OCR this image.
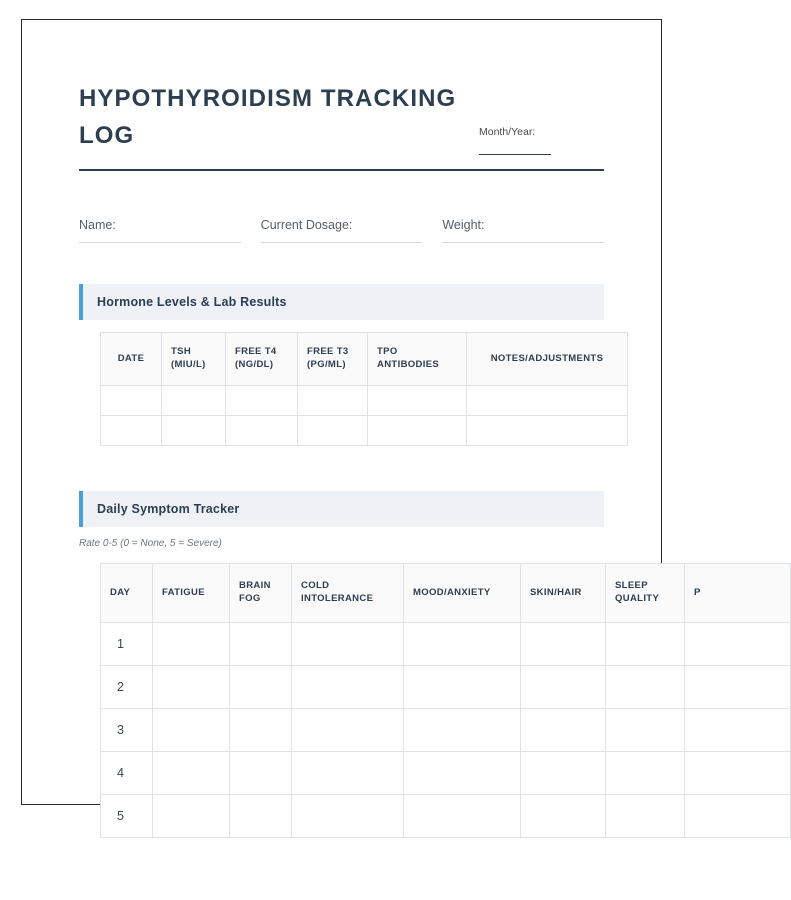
HYPOTHYROIDISM TRACKING LOG	Month/Year:
Name:	Current Dosage:	Weight:
Hormone Levels & Lab Results
DATE	TSH (MIU/L)	FREE T4 (NG/DL)	FREE T3 (PG/ML)	TPO ANTIBODIES	NOTES/ADJUSTMENTS

Daily Symptom Tracker
Rate 0-5 (0 = None, 5 = Severe)
DAY	FATIGUE	BRAIN FOG	COLD INTOLERANCE	MOOD/ANXIETY	SKIN/HAIR	SLEEP QUALITY	P
1							
2							
3							
4							
5							
